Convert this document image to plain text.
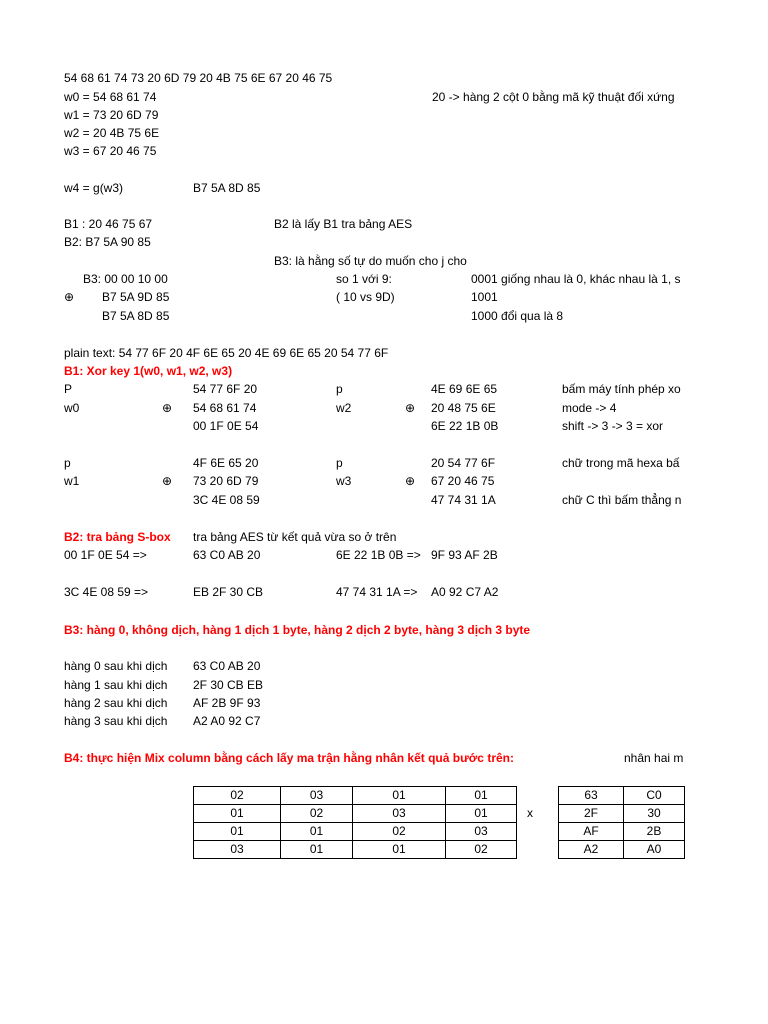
54 68 61 74 73 20 6D 79 20 4B 75 6E 67 20 46 75
w0 = 54 68 61 74	20 -> hàng 2 cột 0 bằng mã kỹ thuật đối xứng
w1 = 73 20 6D 79
w2 = 20 4B 75 6E
w3 = 67 20 46 75
w4 = g(w3)	B7 5A 8D 85
B1 : 20 46 75 67	B2 là lấy B1 tra bảng AES
B2: B7 5A 90 85
B3: là hằng số tự do muốn cho j cho
B3: 00 00 10 00	so 1 với 9:	0001 giống nhau là 0, khác nhau là 1, s
⊕ B7 5A 9D 85	( 10 vs 9D)	1001
B7 5A 8D 85	1000 đổi qua là 8
plain text: 54 77 6F 20 4F 6E 65 20 4E 69 6E 65 20 54 77 6F
B1: Xor key 1(w0, w1, w2, w3)
P	54 77 6F 20	p	4E 69 6E 65	bấm máy tính phép xo
w0	⊕ 54 68 61 74	w2	⊕ 20 48 75 6E	mode -> 4
00 1F 0E 54	6E 22 1B 0B	shift -> 3 -> 3 = xor
p	4F 6E 65 20	p	20 54 77 6F	chữ trong mã hexa bấ
w1	⊕ 73 20 6D 79	w3	⊕ 67 20 46 75
3C 4E 08 59	47 74 31 1A	chữ C thì bấm thẳng n
B2: tra bảng S-box tra bảng AES từ kết quả vừa so ở trên
00 1F 0E 54 =>	63 C0 AB 20	6E 22 1B 0B => 9F 93 AF 2B
3C 4E 08 59 =>	EB 2F 30 CB	47 74 31 1A => A0 92 C7 A2
B3: hàng 0, không dịch, hàng 1 dịch 1 byte, hàng 2 dịch 2 byte, hàng 3 dịch 3 byte
hàng 0 sau khi dịch 63 C0 AB 20
hàng 1 sau khi dịch 2F 30 CB EB
hàng 2 sau khi dịch AF 2B 9F 93
hàng 3 sau khi dịch A2 A0 92 C7
B4: thực hiện Mix column bằng cách lấy ma trận hằng nhân kết quả bước trên:	nhân hai m
02	03	01	01
01	02	03	01
01	01	02	03
03	01	01	02
x
63	C0
2F	30
AF	2B
A2	A0
